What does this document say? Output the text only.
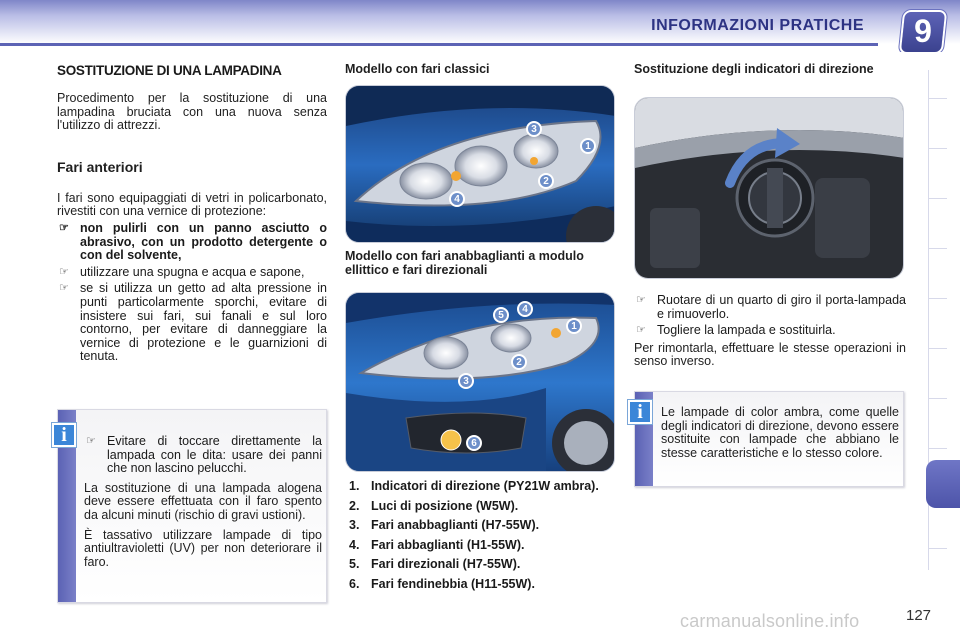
INFORMAZIONI PRATICHE	9
SOSTITUZIONE DI UNA LAMPADINA
Procedimento per la sostituzione di una lampadina bruciata con una nuova senza l'utilizzo di attrezzi.
Fari anteriori
I fari sono equipaggiati di vetri in policarbonato, rivestiti con una vernice di protezione:
☞ non pulirli con un panno asciutto o abrasivo, con un prodotto detergente o con del solvente,
☞ utilizzare una spugna e acqua e sapone,
☞ se si utilizza un getto ad alta pressione in punti particolarmente sporchi, evitare di insistere sui fari, sui fanali e sul loro contorno, per evitare di danneggiare la vernice di protezione e le guarnizioni di tenuta.
☞ Evitare di toccare direttamente la lampada con le dita: usare dei panni che non lascino pelucchi.
La sostituzione di una lampada alogena deve essere effettuata con il faro spento da alcuni minuti (rischio di gravi ustioni).
È tassativo utilizzare lampade di tipo antiultravioletti (UV) per non deteriorare il faro.
i
Modello con fari classici
3
1
2
4
Modello con fari anabbaglianti a modulo ellittico e fari direzionali
5
4
1
2
3
6
1. Indicatori di direzione (PY21W ambra).
2. Luci di posizione (W5W).
3. Fari anabbaglianti (H7-55W).
4. Fari abbaglianti (H1-55W).
5. Fari direzionali (H7-55W).
6. Fari fendinebbia (H11-55W).
Sostituzione degli indicatori di direzione
☞ Ruotare di un quarto di giro il porta-lampada e rimuoverlo.
☞ Togliere la lampada e sostituirla.
Per rimontarla, effettuare le stesse operazioni in senso inverso.
Le lampade di color ambra, come quelle degli indicatori di direzione, devono essere sostituite con lampade che abbiano le stesse caratteristiche e lo stesso colore.
i
carmanualsonline.info	127
